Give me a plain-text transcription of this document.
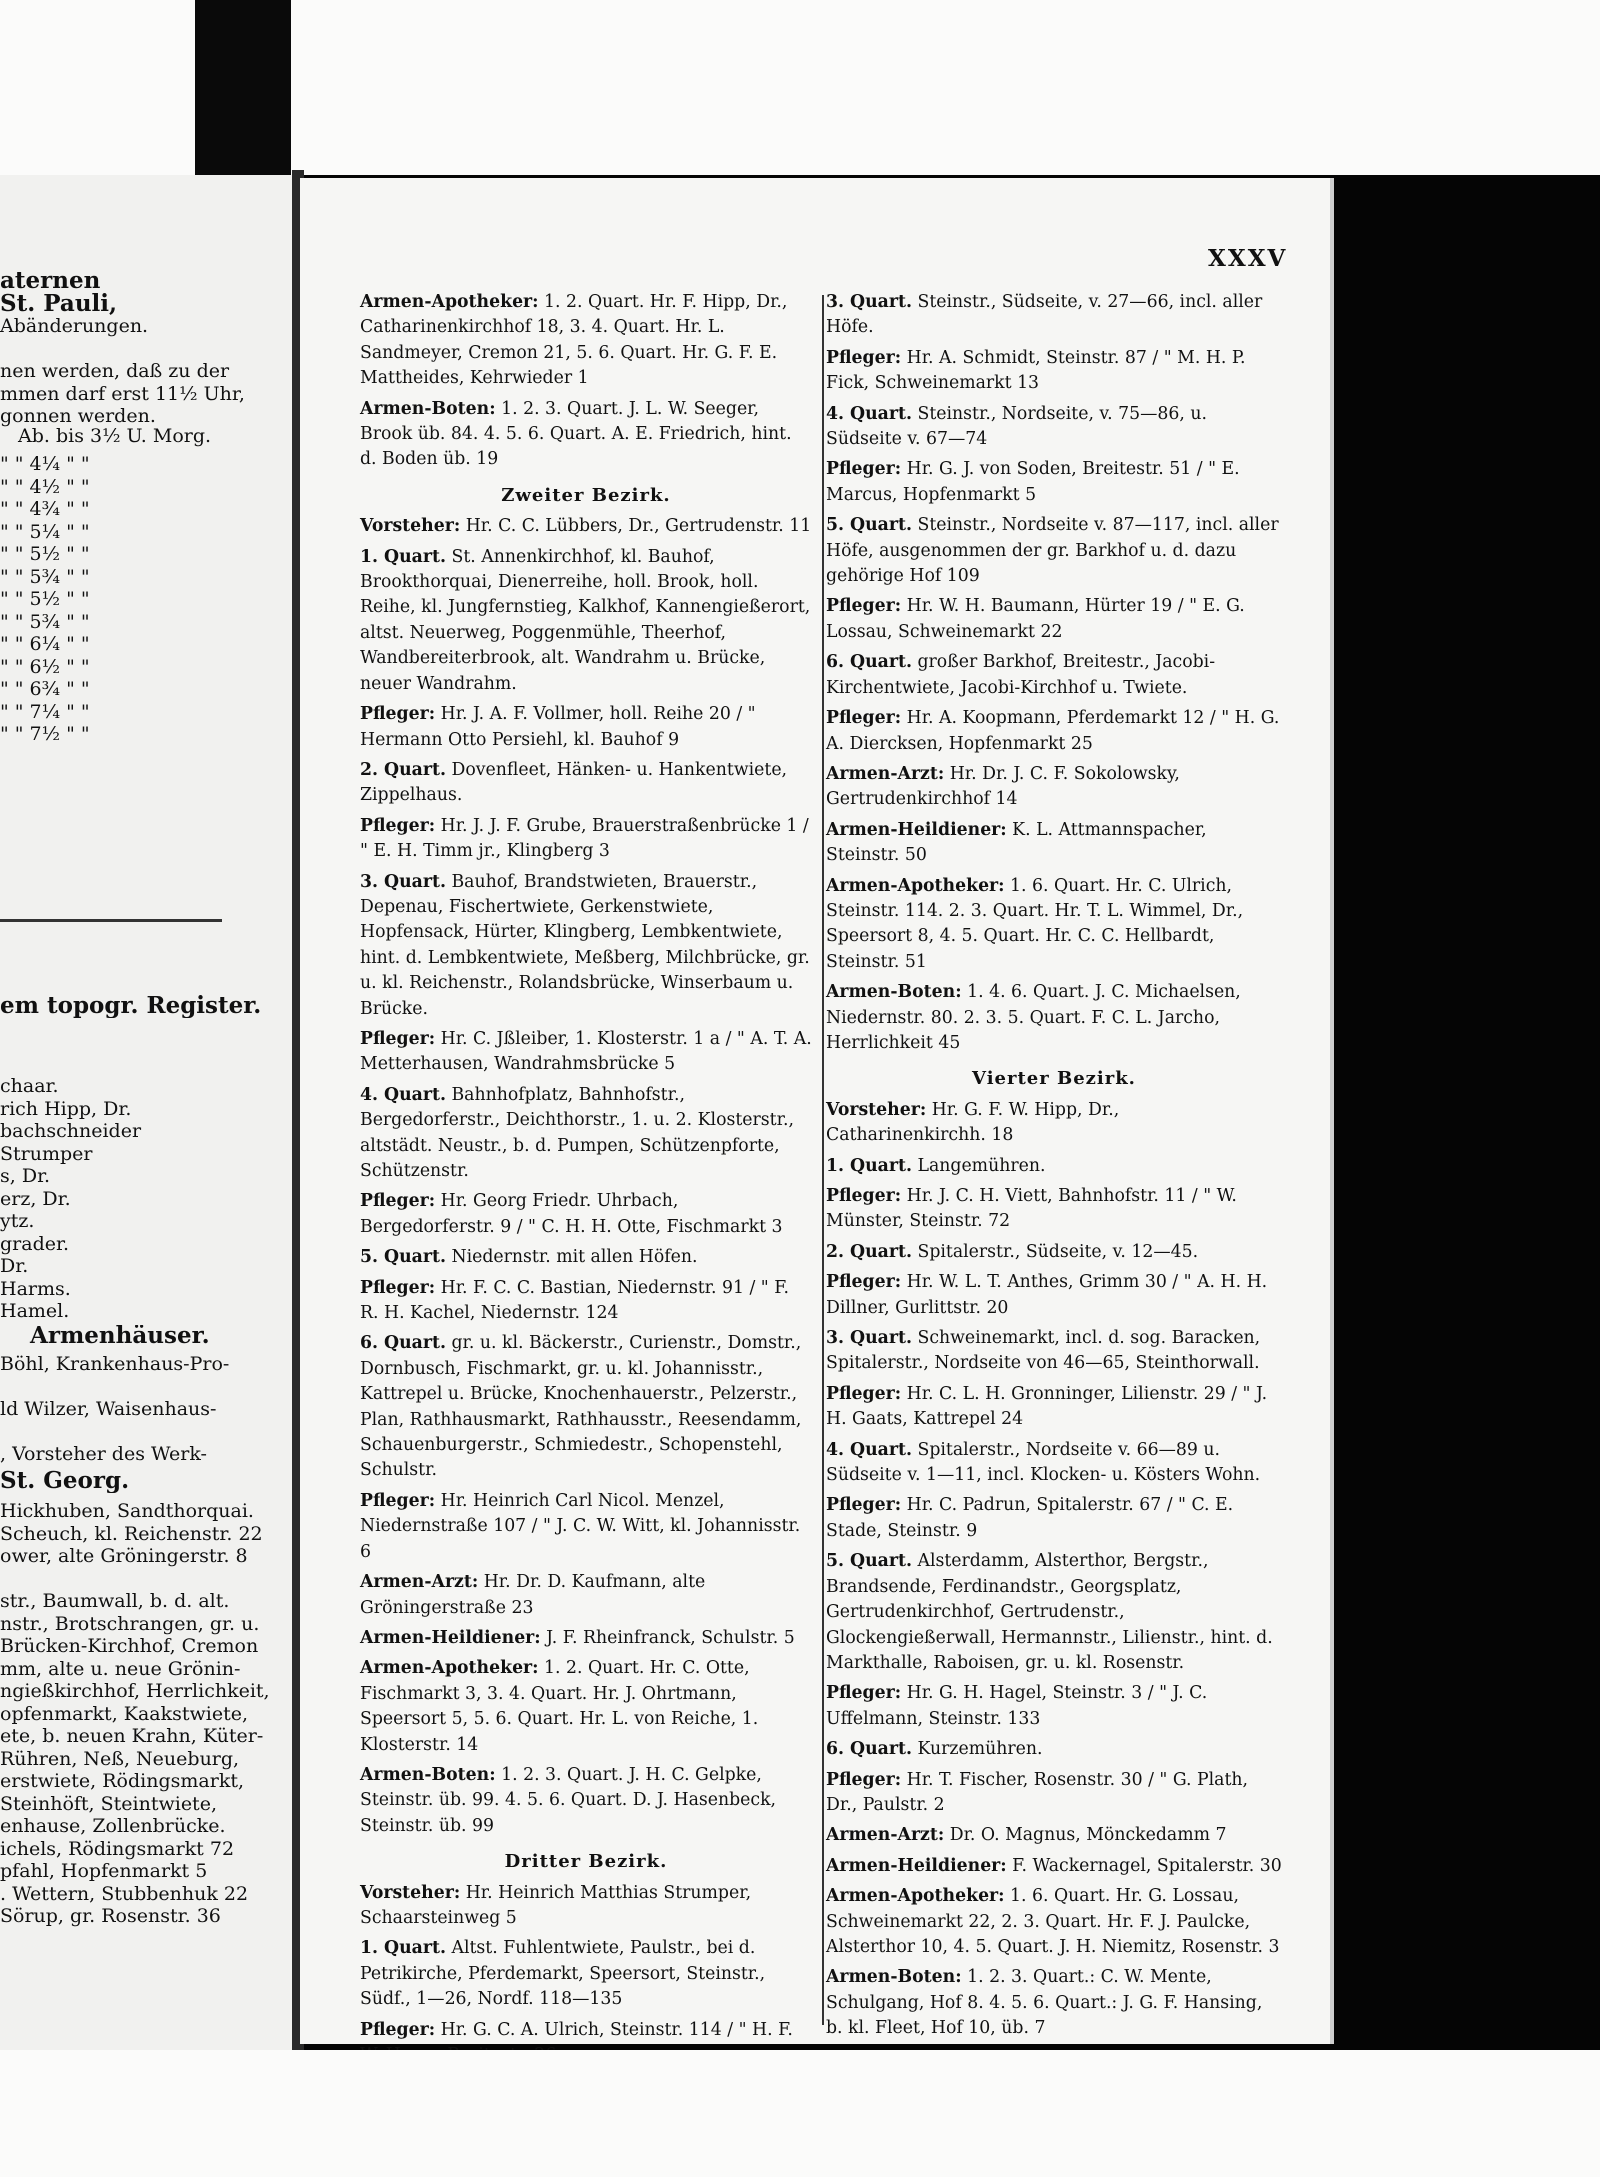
aternen
St. Pauli,
Abänderungen.
nen werden, daß zu der
mmen darf erst 11½ Uhr,
gonnen werden.
Ab. bis 3½ U. Morg.
" " 4¼ " "
" " 4½ " "
" " 4¾ " "
" " 5¼ " "
" " 5½ " "
" " 5¾ " "
" " 5½ " "
" " 5¾ " "
" " 6¼ " "
" " 6½ " "
" " 6¾ " "
" " 7¼ " "
" " 7½ " "
em topogr. Register.
chaar.
rich Hipp, Dr.
bachschneider
Strumper
s, Dr.
erz, Dr.
ytz.
grader.
Dr.
Harms.
Hamel.
Armenhäuser.
Böhl, Krankenhaus-Pro-
ld Wilzer, Waisenhaus-
, Vorsteher des Werk-
St. Georg.
Hickhuben, Sandthorquai.
Scheuch, kl. Reichenstr. 22
ower, alte Gröningerstr. 8
str., Baumwall, b. d. alt.
nstr., Brotschrangen, gr. u.
Brücken-Kirchhof, Cremon
mm, alte u. neue Grönin-
ngießkirchhof, Herrlichkeit,
opfenmarkt, Kaakstwiete,
ete, b. neuen Krahn, Küter-
Rühren, Neß, Neueburg,
erstwiete, Rödingsmarkt,
Steinhöft, Steintwiete,
enhause, Zollenbrücke.
ichels, Rödingsmarkt 72
pfahl, Hopfenmarkt 5
. Wettern, Stubbenhuk 22
Sörup, gr. Rosenstr. 36
XXXV

Armen-Apotheker: 1. 2. Quart. Hr. F. Hipp, Dr., Catharinenkirchhof 18, 3. 4. Quart. Hr. L. Sandmeyer, Cremon 21, 5. 6. Quart. Hr. G. F. E. Mattheides, Kehrwieder 1

Armen-Boten: 1. 2. 3. Quart. J. L. W. Seeger, Brook üb. 84. 4. 5. 6. Quart. A. E. Friedrich, hint. d. Boden üb. 19

Zweiter Bezirk.

Vorsteher: Hr. C. C. Lübbers, Dr., Gertrudenstr. 11

1. Quart. St. Annenkirchhof, kl. Bauhof, Brookthorquai, Dienerreihe, holl. Brook, holl. Reihe, kl. Jungfernstieg, Kalkhof, Kannengießerort, altst. Neuerweg, Poggenmühle, Theerhof, Wandbereiterbrook, alt. Wandrahm u. Brücke, neuer Wandrahm.

Pfleger: Hr. J. A. F. Vollmer, holl. Reihe 20 / " Hermann Otto Persiehl, kl. Bauhof 9

2. Quart. Dovenfleet, Hänken- u. Hankentwiete, Zippelhaus.

Pfleger: Hr. J. J. F. Grube, Brauerstraßenbrücke 1 / " E. H. Timm jr., Klingberg 3

3. Quart. Bauhof, Brandstwieten, Brauerstr., Depenau, Fischertwiete, Gerkenstwiete, Hopfensack, Hürter, Klingberg, Lembkentwiete, hint. d. Lembkentwiete, Meßberg, Milchbrücke, gr. u. kl. Reichenstr., Rolandsbrücke, Winserbaum u. Brücke.

Pfleger: Hr. C. Jßleiber, 1. Klosterstr. 1 a / " A. T. A. Metterhausen, Wandrahmsbrücke 5

4. Quart. Bahnhofplatz, Bahnhofstr., Bergedorferstr., Deichthorstr., 1. u. 2. Klosterstr., altstädt. Neustr., b. d. Pumpen, Schützenpforte, Schützenstr.

Pfleger: Hr. Georg Friedr. Uhrbach, Bergedorferstr. 9 / " C. H. H. Otte, Fischmarkt 3

5. Quart. Niedernstr. mit allen Höfen.

Pfleger: Hr. F. C. C. Bastian, Niedernstr. 91 / " F. R. H. Kachel, Niedernstr. 124

6. Quart. gr. u. kl. Bäckerstr., Curienstr., Domstr., Dornbusch, Fischmarkt, gr. u. kl. Johannisstr., Kattrepel u. Brücke, Knochenhauerstr., Pelzerstr., Plan, Rathhausmarkt, Rathhausstr., Reesendamm, Schauenburgerstr., Schmiedestr., Schopenstehl, Schulstr.

Pfleger: Hr. Heinrich Carl Nicol. Menzel, Niedernstraße 107 / " J. C. W. Witt, kl. Johannisstr. 6

Armen-Arzt: Hr. Dr. D. Kaufmann, alte Gröningerstraße 23

Armen-Heildiener: J. F. Rheinfranck, Schulstr. 5

Armen-Apotheker: 1. 2. Quart. Hr. C. Otte, Fischmarkt 3, 3. 4. Quart. Hr. J. Ohrtmann, Speersort 5, 5. 6. Quart. Hr. L. von Reiche, 1. Klosterstr. 14

Armen-Boten: 1. 2. 3. Quart. J. H. C. Gelpke, Steinstr. üb. 99. 4. 5. 6. Quart. D. J. Hasenbeck, Steinstr. üb. 99

Dritter Bezirk.

Vorsteher: Hr. Heinrich Matthias Strumper, Schaarsteinweg 5

1. Quart. Altst. Fuhlentwiete, Paulstr., bei d. Petrikirche, Pferdemarkt, Speersort, Steinstr., Südf., 1—26, Nordf. 118—135

Pfleger: Hr. G. C. A. Ulrich, Steinstr. 114 / " H. F.

3. Quart. Steinstr., Südseite, v. 27—66, incl. aller Höfe.

Pfleger: Hr. A. Schmidt, Steinstr. 87 / " M. H. P. Fick, Schweinemarkt 13

4. Quart. Steinstr., Nordseite, v. 75—86, u. Südseite v. 67—74

Pfleger: Hr. G. J. von Soden, Breitestr. 51 / " E. Marcus, Hopfenmarkt 5

5. Quart. Steinstr., Nordseite v. 87—117, incl. aller Höfe, ausgenommen der gr. Barkhof u. d. dazu gehörige Hof 109

Pfleger: Hr. W. H. Baumann, Hürter 19 / " E. G. Lossau, Schweinemarkt 22

6. Quart. großer Barkhof, Breitestr., Jacobi-Kirchentwiete, Jacobi-Kirchhof u. Twiete.

Pfleger: Hr. A. Koopmann, Pferdemarkt 12 / " H. G. A. Diercksen, Hopfenmarkt 25

Armen-Arzt: Hr. Dr. J. C. F. Sokolowsky, Gertrudenkirchhof 14

Armen-Heildiener: K. L. Attmannspacher, Steinstr. 50

Armen-Apotheker: 1. 6. Quart. Hr. C. Ulrich, Steinstr. 114. 2. 3. Quart. Hr. T. L. Wimmel, Dr., Speersort 8, 4. 5. Quart. Hr. C. C. Hellbardt, Steinstr. 51

Armen-Boten: 1. 4. 6. Quart. J. C. Michaelsen, Niedernstr. 80. 2. 3. 5. Quart. F. C. L. Jarcho, Herrlichkeit 45

Vierter Bezirk.

Vorsteher: Hr. G. F. W. Hipp, Dr., Catharinenkirchh. 18

1. Quart. Langemühren.

Pfleger: Hr. J. C. H. Viett, Bahnhofstr. 11 / " W. Münster, Steinstr. 72

2. Quart. Spitalerstr., Südseite, v. 12—45.

Pfleger: Hr. W. L. T. Anthes, Grimm 30 / " A. H. H. Dillner, Gurlittstr. 20

3. Quart. Schweinemarkt, incl. d. sog. Baracken, Spitalerstr., Nordseite von 46—65, Steinthorwall.

Pfleger: Hr. C. L. H. Gronninger, Lilienstr. 29 / " J. H. Gaats, Kattrepel 24

4. Quart. Spitalerstr., Nordseite v. 66—89 u. Südseite v. 1—11, incl. Klocken- u. Kösters Wohn.

Pfleger: Hr. C. Padrun, Spitalerstr. 67 / " C. E. Stade, Steinstr. 9

5. Quart. Alsterdamm, Alsterthor, Bergstr., Brandsende, Ferdinandstr., Georgsplatz, Gertrudenkirchhof, Gertrudenstr., Glockengießerwall, Hermannstr., Lilienstr., hint. d. Markthalle, Raboisen, gr. u. kl. Rosenstr.

Pfleger: Hr. G. H. Hagel, Steinstr. 3 / " J. C. Uffelmann, Steinstr. 133

6. Quart. Kurzemühren.

Pfleger: Hr. T. Fischer, Rosenstr. 30 / " G. Plath, Dr., Paulstr. 2

Armen-Arzt: Dr. O. Magnus, Mönckedamm 7

Armen-Heildiener: F. Wackernagel, Spitalerstr. 30

Armen-Apotheker: 1. 6. Quart. Hr. G. Lossau, Schweinemarkt 22, 2. 3. Quart. Hr. F. J. Paulcke, Alsterthor 10, 4. 5. Quart. J. H. Niemitz, Rosenstr. 3

Armen-Boten: 1. 2. 3. Quart.: C. W. Mente, Schulgang, Hof 8. 4. 5. 6. Quart.: J. G. F. Hansing, b. kl. Fleet, Hof 10, üb. 7
